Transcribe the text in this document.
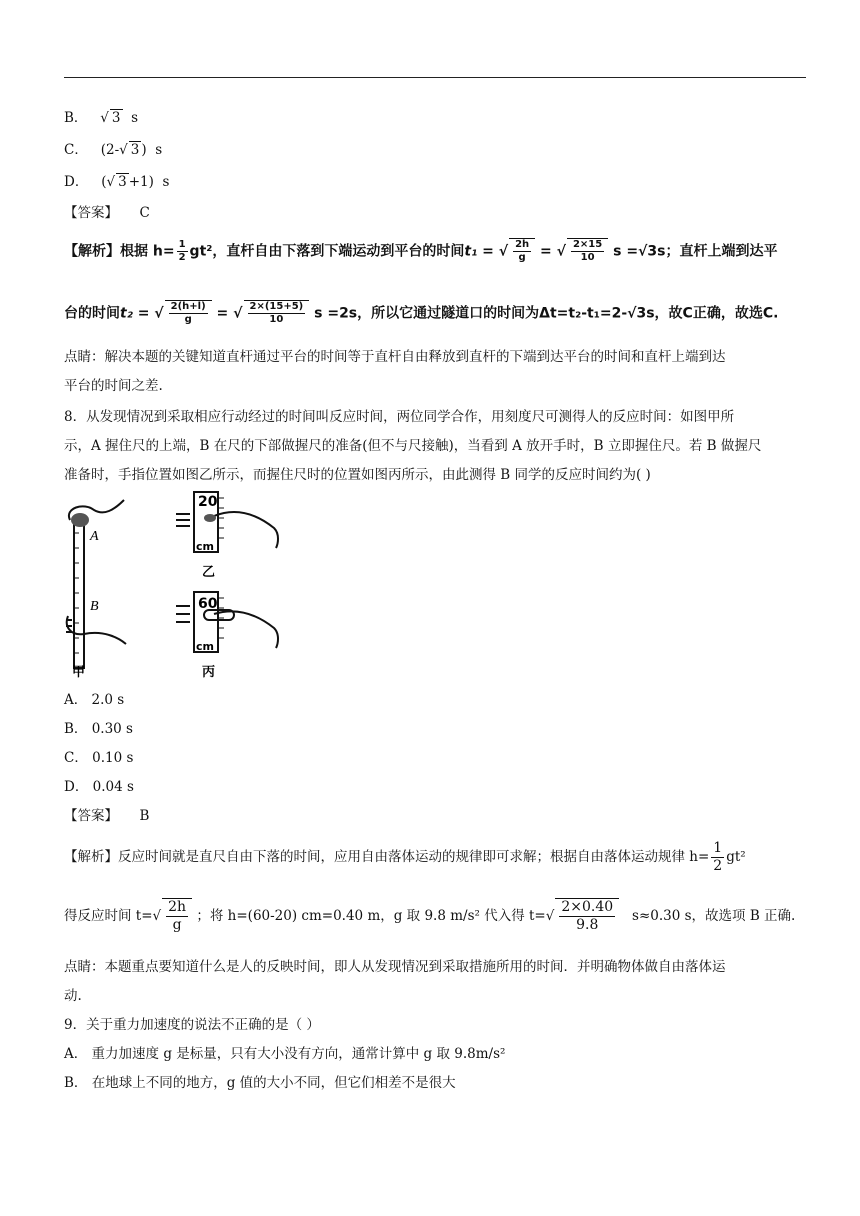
B． √ 3 s
C． (2-√ 3 ) s
D． (√ 3 +1) s
【答案】 C
【解析】根据 $h= \frac{1}{2} gt^2$，直杆自由下落到下端运动到平台的时间t₁ = √ $\frac{2h}{g}$ = √ $\frac{2\times 15}{10}$ s =√3s；直杆上端到达平
台的时间t₂ = √ $\frac{2(h+l)}{g}$ = √ $\frac{2\times(15+5)}{10}$ s =2s，所以它通过隧道口的时间为Δt=t₂-t₁=2-√3s，故C正确，故选C.
点睛：解决本题的关键知道直杆通过平台的时间等于直杆自由释放到直杆的下端到达平台的时间和直杆上端到达
平台的时间之差.
8．从发现情况到采取相应行动经过的时间叫反应时间，两位同学合作，用刻度尺可测得人的反应时间：如图甲所
示，A 握住尺的上端，B 在尺的下部做握尺的准备(但不与尺接触)，当看到 A 放开手时，B 立即握住尺。若 B 做握尺
准备时，手指位置如图乙所示，而握住尺时的位置如图丙所示，由此测得 B 同学的反应时间约为( )
A
B
甲
20
cm
乙
60
cm
丙
A． 2.0 s
B． 0.30 s
C． 0.10 s
D． 0.04 s
【答案】 B
【解析】反应时间就是直尺自由下落的时间，应用自由落体运动的规律即可求解；根据自由落体运动规律 $h= \frac{1}{2} gt^2$
得反应时间 $t=√ \frac{2h}{g}$ ；将 h=(60-20) cm=0.40 m，g 取 9.8 m/s² 代入得 $t=√ \frac{2\times 0.40}{9.8} s\approx 0.30$ s，故选项 B 正确.
点睛：本题重点要知道什么是人的反映时间，即人从发现情况到采取措施所用的时间．并明确物体做自由落体运
动.
9．关于重力加速度的说法不正确的是（ ）
A． 重力加速度 g 是标量，只有大小没有方向，通常计算中 g 取 9.8m/s²
B． 在地球上不同的地方，g 值的大小不同，但它们相差不是很大
